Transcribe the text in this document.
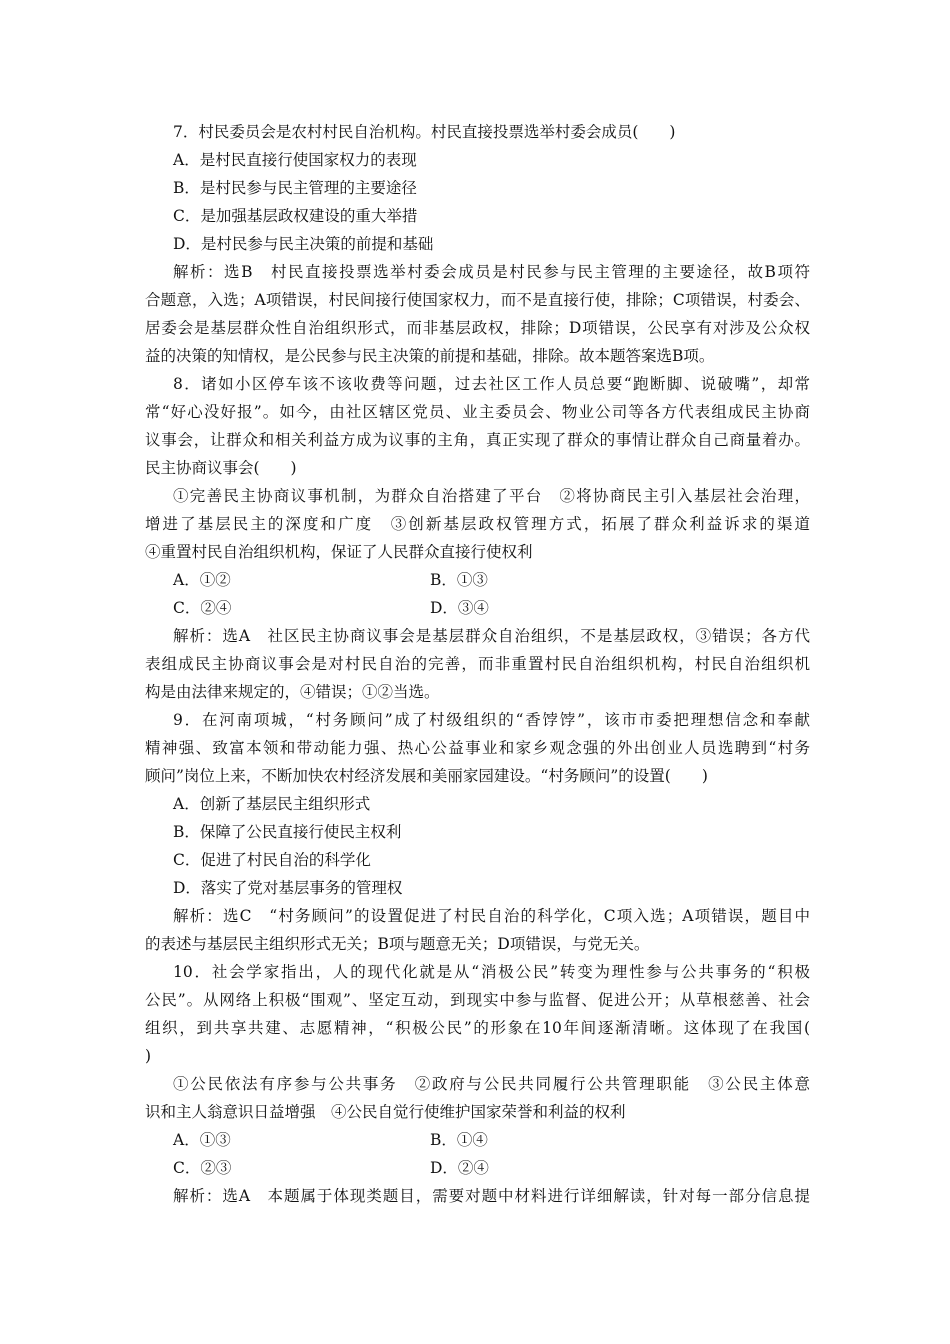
7．村民委员会是农村村民自治机构。村民直接投票选举村委会成员(　　)
A．是村民直接行使国家权力的表现
B．是村民参与民主管理的主要途径
C．是加强基层政权建设的重大举措
D．是村民参与民主决策的前提和基础
解析：选B　村民直接投票选举村委会成员是村民参与民主管理的主要途径，故B项符
合题意，入选；A项错误，村民间接行使国家权力，而不是直接行使，排除；C项错误，村委会、
居委会是基层群众性自治组织形式，而非基层政权，排除；D项错误，公民享有对涉及公众权
益的决策的知情权，是公民参与民主决策的前提和基础，排除。故本题答案选B项。
8．诸如小区停车该不该收费等问题，过去社区工作人员总要“跑断脚、说破嘴”，却常
常“好心没好报”。如今，由社区辖区党员、业主委员会、物业公司等各方代表组成民主协商
议事会，让群众和相关利益方成为议事的主角，真正实现了群众的事情让群众自己商量着办。
民主协商议事会(　　)
①完善民主协商议事机制，为群众自治搭建了平台　②将协商民主引入基层社会治理，
增进了基层民主的深度和广度　③创新基层政权管理方式，拓展了群众利益诉求的渠道
④重置村民自治组织机构，保证了人民群众直接行使权利
A．①②	B．①③
C．②④	D．③④
解析：选A　社区民主协商议事会是基层群众自治组织，不是基层政权，③错误；各方代
表组成民主协商议事会是对村民自治的完善，而非重置村民自治组织机构，村民自治组织机
构是由法律来规定的，④错误；①②当选。
9．在河南项城，“村务顾问”成了村级组织的“香饽饽”，该市市委把理想信念和奉献
精神强、致富本领和带动能力强、热心公益事业和家乡观念强的外出创业人员选聘到“村务
顾问”岗位上来，不断加快农村经济发展和美丽家园建设。“村务顾问”的设置(　　)
A．创新了基层民主组织形式
B．保障了公民直接行使民主权利
C．促进了村民自治的科学化
D．落实了党对基层事务的管理权
解析：选C　“村务顾问”的设置促进了村民自治的科学化，C项入选；A项错误，题目中
的表述与基层民主组织形式无关；B项与题意无关；D项错误，与党无关。
10．社会学家指出，人的现代化就是从“消极公民”转变为理性参与公共事务的“积极
公民”。从网络上积极“围观”、坚定互动，到现实中参与监督、促进公开；从草根慈善、社会
组织，到共享共建、志愿精神，“积极公民”的形象在10年间逐渐清晰。这体现了在我国(
)
①公民依法有序参与公共事务　②政府与公民共同履行公共管理职能　③公民主体意
识和主人翁意识日益增强　④公民自觉行使维护国家荣誉和利益的权利
A．①③	B．①④
C．②③	D．②④
解析：选A　本题属于体现类题目，需要对题中材料进行详细解读，针对每一部分信息提
